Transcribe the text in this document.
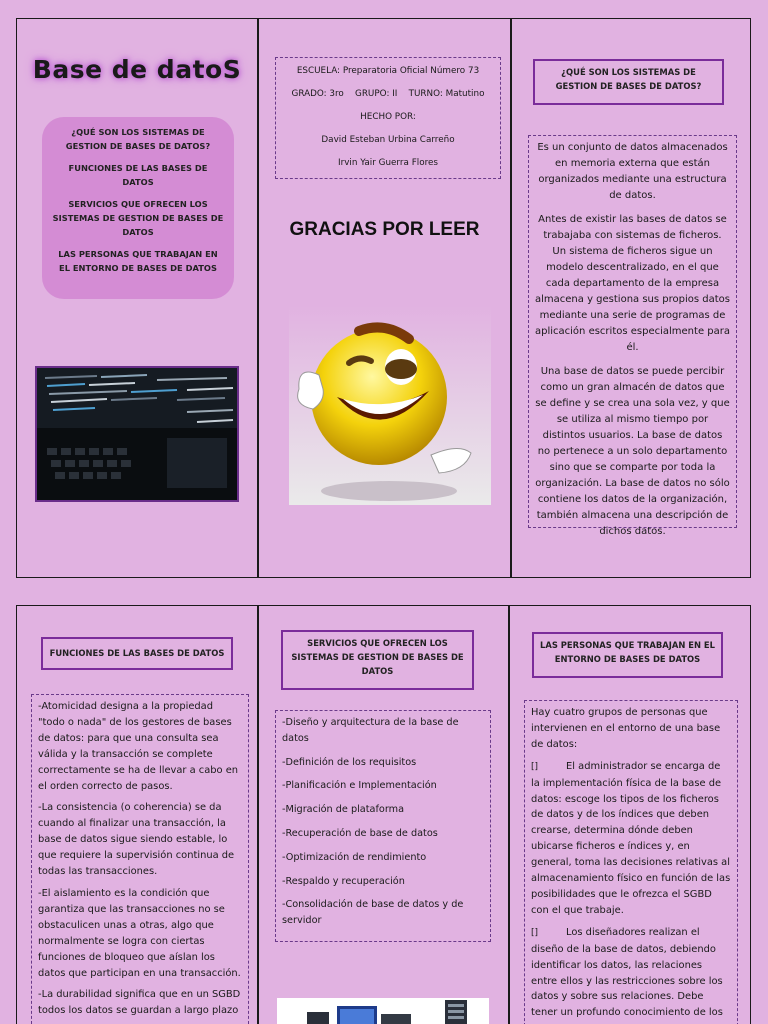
Base de datoS
¿QUÉ SON LOS SISTEMAS DE GESTION DE BASES DE DATOS?
FUNCIONES DE LAS BASES DE DATOS
SERVICIOS QUE OFRECEN LOS SISTEMAS DE GESTION DE BASES DE DATOS
LAS PERSONAS QUE TRABAJAN EN EL ENTORNO DE BASES DE DATOS
ESCUELA: Preparatoria Oficial Número 73
GRADO: 3ro    GRUPO: II    TURNO: Matutino
HECHO POR:
David Esteban Urbina Carreño
Irvin Yair Guerra Flores
GRACIAS POR LEER
¿QUÉ SON LOS SISTEMAS DE GESTION DE BASES DE DATOS?

Es un conjunto de datos almacenados en memoria externa que están organizados mediante una estructura de datos.

Antes de existir las bases de datos se trabajaba con sistemas de ficheros. Un sistema de ficheros sigue un modelo descentralizado, en el que cada departamento de la empresa almacena y gestiona sus propios datos mediante una serie de programas de aplicación escritos especialmente para él.

Una base de datos se puede percibir como un gran almacén de datos que se define y se crea una sola vez, y que se utiliza al mismo tiempo por distintos usuarios. La base de datos no pertenece a un solo departamento sino que se comparte por toda la organización. La base de datos no sólo contiene los datos de la organización, también almacena una descripción de dichos datos.

FUNCIONES DE LAS BASES DE DATOS

-Atomicidad designa a la propiedad "todo o nada" de los gestores de bases de datos: para que una consulta sea válida y la transacción se complete correctamente se ha de llevar a cabo en el orden correcto de pasos.

-La consistencia (o coherencia) se da cuando al finalizar una transacción, la base de datos sigue siendo estable, lo que requiere la supervisión continua de todas las transacciones.

-El aislamiento es la condición que garantiza que las transacciones no se obstaculicen unas a otras, algo que normalmente se logra con ciertas funciones de bloqueo que aíslan los datos que participan en una transacción.

-La durabilidad significa que en un SGBD todos los datos se guardan a largo plazo

SERVICIOS QUE OFRECEN LOS SISTEMAS DE GESTION DE BASES DE DATOS
-Diseño y arquitectura de la base de datos
-Definición de los requisitos
-Planificación e Implementación
-Migración de plataforma
-Recuperación de base de datos
-Optimización de rendimiento
-Respaldo y recuperación
-Consolidación de base de datos y de servidor
LAS PERSONAS QUE TRABAJAN EN EL ENTORNO DE BASES DE DATOS

Hay cuatro grupos de personas que intervienen en el entorno de una base de datos:

[]	El administrador se encarga de la implementación física de la base de datos: escoge los tipos de los ficheros de datos y de los índices que deben crearse, determina dónde deben ubicarse ficheros e índices y, en general, toma las decisiones relativas al almacenamiento físico en función de las posibilidades que le ofrezca el SGBD con el que trabaje.

[]	Los diseñadores realizan el diseño de la base de datos, debiendo identificar los datos, las relaciones entre ellos y las restricciones sobre los datos y sobre sus relaciones. Debe tener un profundo conocimiento de los
